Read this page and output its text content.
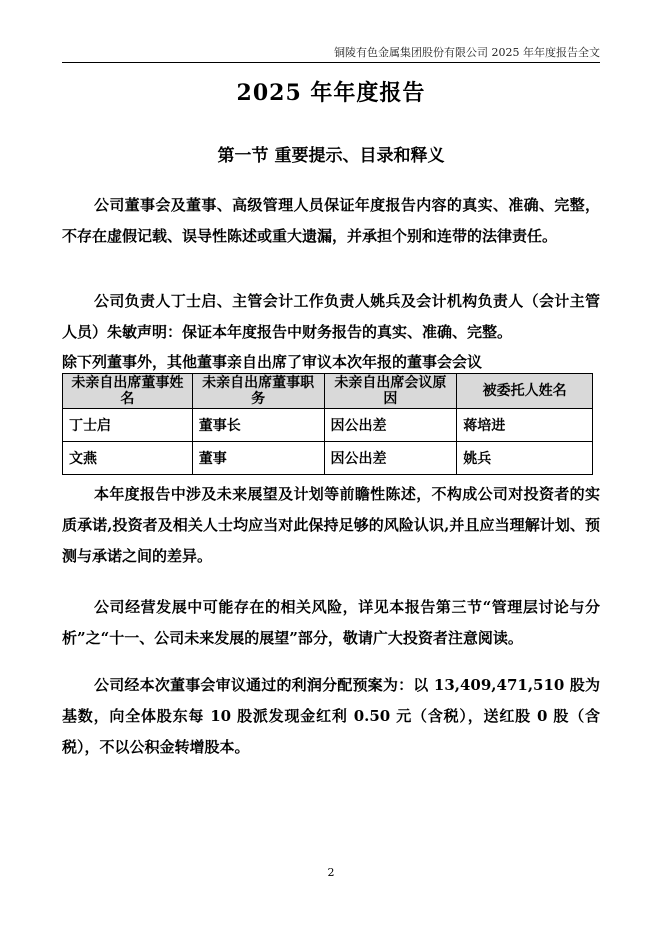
铜陵有色金属集团股份有限公司 2025 年年度报告全文
2025 年年度报告
第一节 重要提示、目录和释义

公司董事会及董事、高级管理人员保证年度报告内容的真实、准确、完整，不存在虚假记载、误导性陈述或重大遗漏，并承担个别和连带的法律责任。

公司负责人丁士启、主管会计工作负责人姚兵及会计机构负责人（会计主管人员）朱敏声明：保证本年度报告中财务报告的真实、准确、完整。

除下列董事外，其他董事亲自出席了审议本次年报的董事会会议

未亲自出席董事姓名	未亲自出席董事职务	未亲自出席会议原因	被委托人姓名
丁士启	董事长	因公出差	蒋培进
文燕	董事	因公出差	姚兵

本年度报告中涉及未来展望及计划等前瞻性陈述，不构成公司对投资者的实质承诺,投资者及相关人士均应当对此保持足够的风险认识,并且应当理解计划、预测与承诺之间的差异。

公司经营发展中可能存在的相关风险，详见本报告第三节“管理层讨论与分析”之“十一、公司未来发展的展望”部分，敬请广大投资者注意阅读。

公司经本次董事会审议通过的利润分配预案为：以 13,409,471,510 股为基数，向全体股东每 10 股派发现金红利 0.50 元（含税），送红股 0 股（含税），不以公积金转增股本。

2
